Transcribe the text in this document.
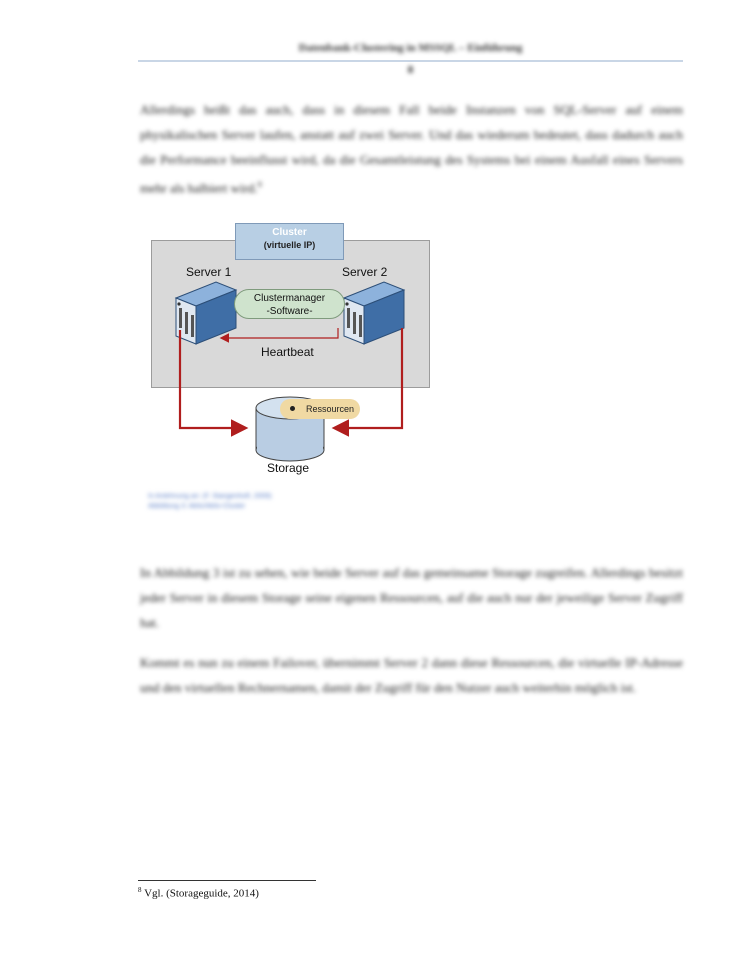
Datenbank-Clustering in MSSQL – Einführung
8

Allerdings heißt das auch, dass in diesem Fall beide Instanzen von SQL-Server auf einem physikalischen Server laufen, anstatt auf zwei Server. Und das wiederum bedeutet, dass dadurch auch die Performance beeinflusst wird, da die Gesamtleistung des Systems bei einem Ausfall eines Servers mehr als halbiert wird.$^8$

Cluster
(virtuelle IP)
Server 1	Server 2
Clustermanager
-Software-
Heartbeat
Ressourcen
Storage
In Anlehnung an: (F. Stangenhoff, 2009)
Abbildung 3: Aktiv/Aktiv-Cluster

In Abbildung 3 ist zu sehen, wie beide Server auf das gemeinsame Storage zugreifen. Allerdings besitzt jeder Server in diesem Storage seine eigenen Ressourcen, auf die auch nur der jeweilige Server Zugriff hat.

Kommt es nun zu einem Failover, übernimmt Server 2 dann diese Ressourcen, die virtuelle IP-Adresse und den virtuellen Rechnernamen, damit der Zugriff für den Nutzer auch weiterhin möglich ist.

$^8$ Vgl. (Storageguide, 2014)
